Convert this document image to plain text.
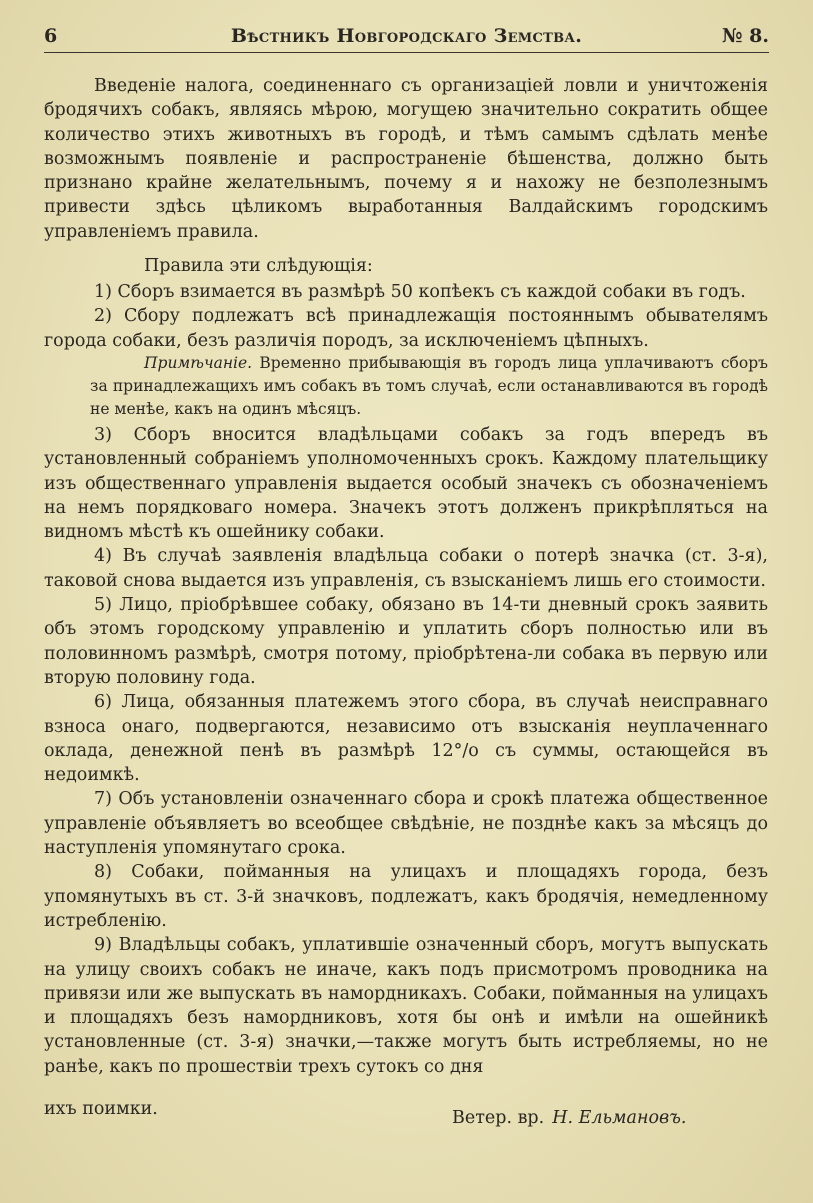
6	Вѣстникъ Новгородскаго Земства.	№ 8.

Введеніе налога, соединеннаго съ организаціей ловли и уничтоженія бродячихъ собакъ, являясь мѣрою, могущею значительно сократить общее количество этихъ животныхъ въ городѣ, и тѣмъ самымъ сдѣлать менѣе возможнымъ появленіе и распространеніе бѣшенства, должно быть признано крайне желательнымъ, почему я и нахожу не безполезнымъ привести здѣсь цѣликомъ выработанныя Валдайскимъ городскимъ управленіемъ правила.

Правила эти слѣдующія:

1) Сборъ взимается въ размѣрѣ 50 копѣекъ съ каждой собаки въ годъ.

2) Сбору подлежатъ всѣ принадлежащія постояннымъ обывателямъ города собаки, безъ различія породъ, за исключеніемъ цѣпныхъ.

Примѣчаніе. Временно прибывающія въ городъ лица уплачиваютъ сборъ за принадлежащихъ имъ собакъ въ томъ случаѣ, если останавливаются въ городѣ не менѣе, какъ на одинъ мѣсяцъ.

3) Сборъ вносится владѣльцами собакъ за годъ впередъ въ установленный собраніемъ уполномоченныхъ срокъ. Каждому плательщику изъ общественнаго управленія выдается особый значекъ съ обозначеніемъ на немъ порядковаго номера. Значекъ этотъ долженъ прикрѣпляться на видномъ мѣстѣ къ ошейнику собаки.

4) Въ случаѣ заявленія владѣльца собаки о потерѣ значка (ст. 3-я), таковой снова выдается изъ управленія, съ взысканіемъ лишь его стоимости.

5) Лицо, пріобрѣвшее собаку, обязано въ 14-ти дневный срокъ заявить объ этомъ городскому управленію и уплатить сборъ полностью или въ половинномъ размѣрѣ, смотря потому, пріобрѣтена-ли собака въ первую или вторую половину года.

6) Лица, обязанныя платежемъ этого сбора, въ случаѣ неисправнаго взноса онаго, подвергаются, независимо отъ взысканія неуплаченнаго оклада, денежной пенѣ въ размѣрѣ 12°/o съ суммы, остающейся въ недоимкѣ.

7) Объ установленіи означеннаго сбора и срокѣ платежа общественное управленіе объявляетъ во всеобщее свѣдѣніе, не позднѣе какъ за мѣсяцъ до наступленія упомянутаго срока.

8) Собаки, пойманныя на улицахъ и площадяхъ города, безъ упомянутыхъ въ ст. 3-й значковъ, подлежатъ, какъ бродячія, немедленному истребленію.

9) Владѣльцы собакъ, уплатившіе означенный сборъ, могутъ выпускать на улицу своихъ собакъ не иначе, какъ подъ присмотромъ проводника на привязи или же выпускать въ намордникахъ. Собаки, пойманныя на улицахъ и площадяхъ безъ намордниковъ, хотя бы онѣ и имѣли на ошейникѣ установленные (ст. 3-я) значки,—также могутъ быть истребляемы, но не ранѣе, какъ по прошествіи трехъ сутокъ со дня

ихъ поимки.	Ветер. вр. Н. Ельмановъ.
